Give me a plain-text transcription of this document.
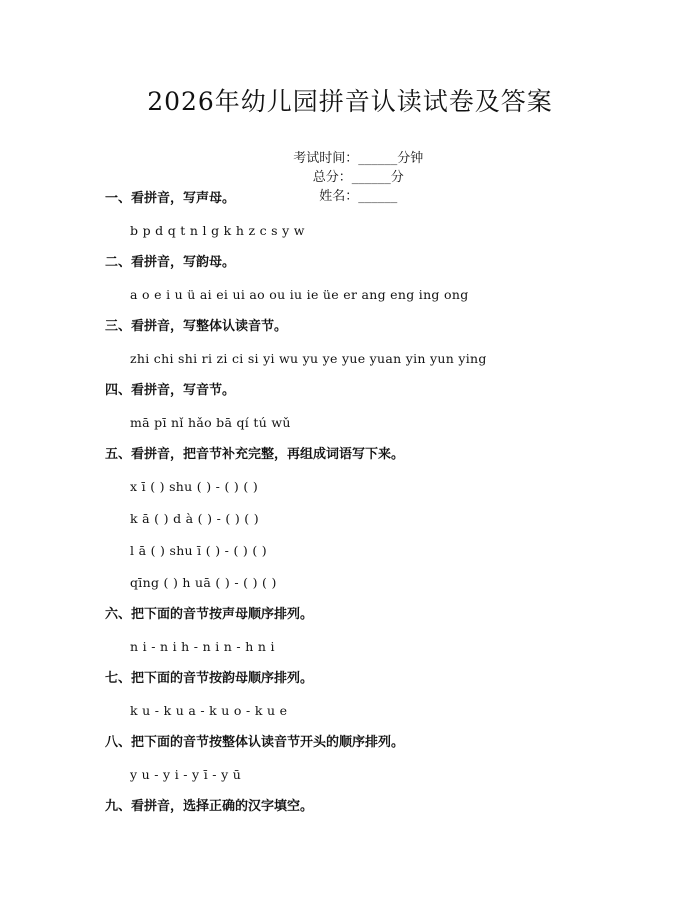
2026年幼儿园拼音认读试卷及答案

考试时间：______分钟
总分：______分
姓名：______

一、看拼音，写声母。
b p d q t n l g k h z c s y w
二、看拼音，写韵母。
a o e i u ü ai ei ui ao ou iu ie üe er ang eng ing ong
三、看拼音，写整体认读音节。
zhi chi shi ri zi ci si yi wu yu ye yue yuan yin yun ying
四、看拼音，写音节。
mā pī nǐ hǎo bā qí tú wǔ
五、看拼音，把音节补充完整，再组成词语写下来。
x ī ( ) shu ( ) - ( ) ( )
k ā ( ) d à ( ) - ( ) ( )
l ā ( ) shu ī ( ) - ( ) ( )
qīng ( ) h uā ( ) - ( ) ( )
六、把下面的音节按声母顺序排列。
n i - n i h - n i n - h n i
七、把下面的音节按韵母顺序排列。
k u - k u a - k u o - k u e
八、把下面的音节按整体认读音节开头的顺序排列。
y u - y i - y ī - y ū
九、看拼音，选择正确的汉字填空。
